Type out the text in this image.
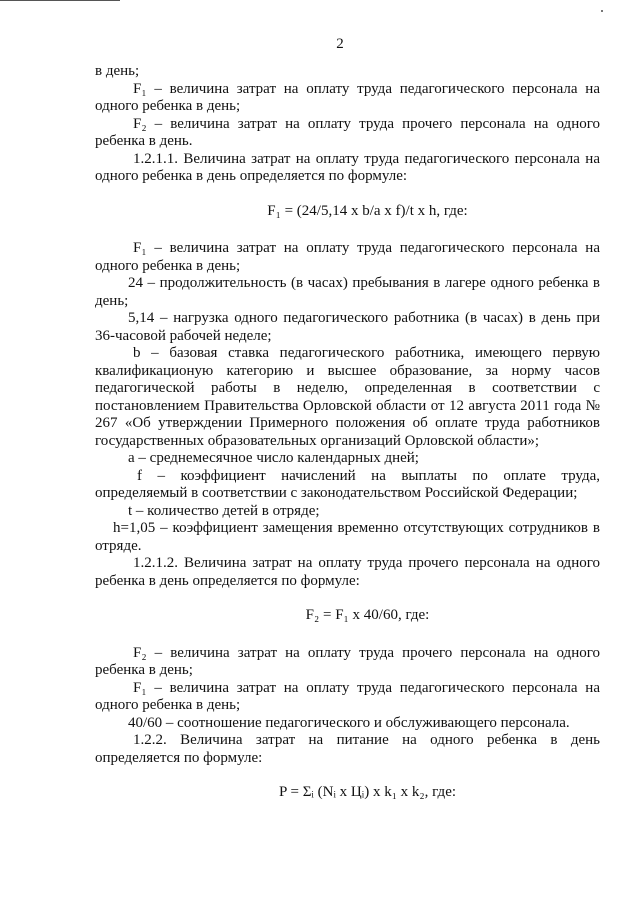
2

в день;

F₁ – величина затрат на оплату труда педагогического персонала на одного ребенка в день;

F₂ – величина затрат на оплату труда прочего персонала на одного ребенка в день.

1.2.1.1. Величина затрат на оплату труда педагогического персонала на одного ребенка в день определяется по формуле:

F₁ = (24/5,14 x b/a x f)/t x h, где:

F₁ – величина затрат на оплату труда педагогического персонала на одного ребенка в день;

24 – продолжительность (в часах) пребывания в лагере одного ребенка в день;

5,14 – нагрузка одного педагогического работника (в часах) в день при 36-часовой рабочей неделе;

b – базовая ставка педагогического работника, имеющего первую квалификационую категорию и высшее образование, за норму часов педагогической работы в неделю, определенная в соответствии с постановлением Правительства Орловской области от 12 августа 2011 года № 267 «Об утверждении Примерного положения об оплате труда работников государственных образовательных организаций Орловской области»;

а – среднемесячное число календарных дней;

f – коэффициент начислений на выплаты по оплате труда, определяемый в соответствии с законодательством Российской Федерации;

t – количество детей в отряде;

h=1,05 – коэффициент замещения временно отсутствующих сотрудников в отряде.

1.2.1.2. Величина затрат на оплату труда прочего персонала на одного ребенка в день определяется по формуле:

F₂ = F₁ x 40/60, где:

F₂ – величина затрат на оплату труда прочего персонала на одного ребенка в день;

F₁ – величина затрат на оплату труда педагогического персонала на одного ребенка в день;

40/60 – соотношение педагогического и обслуживающего персонала.

1.2.2. Величина затрат на питание на одного ребенка в день определяется по формуле:

P = Σᵢ (Nᵢ x Цᵢ) x k₁ x k₂, где:
